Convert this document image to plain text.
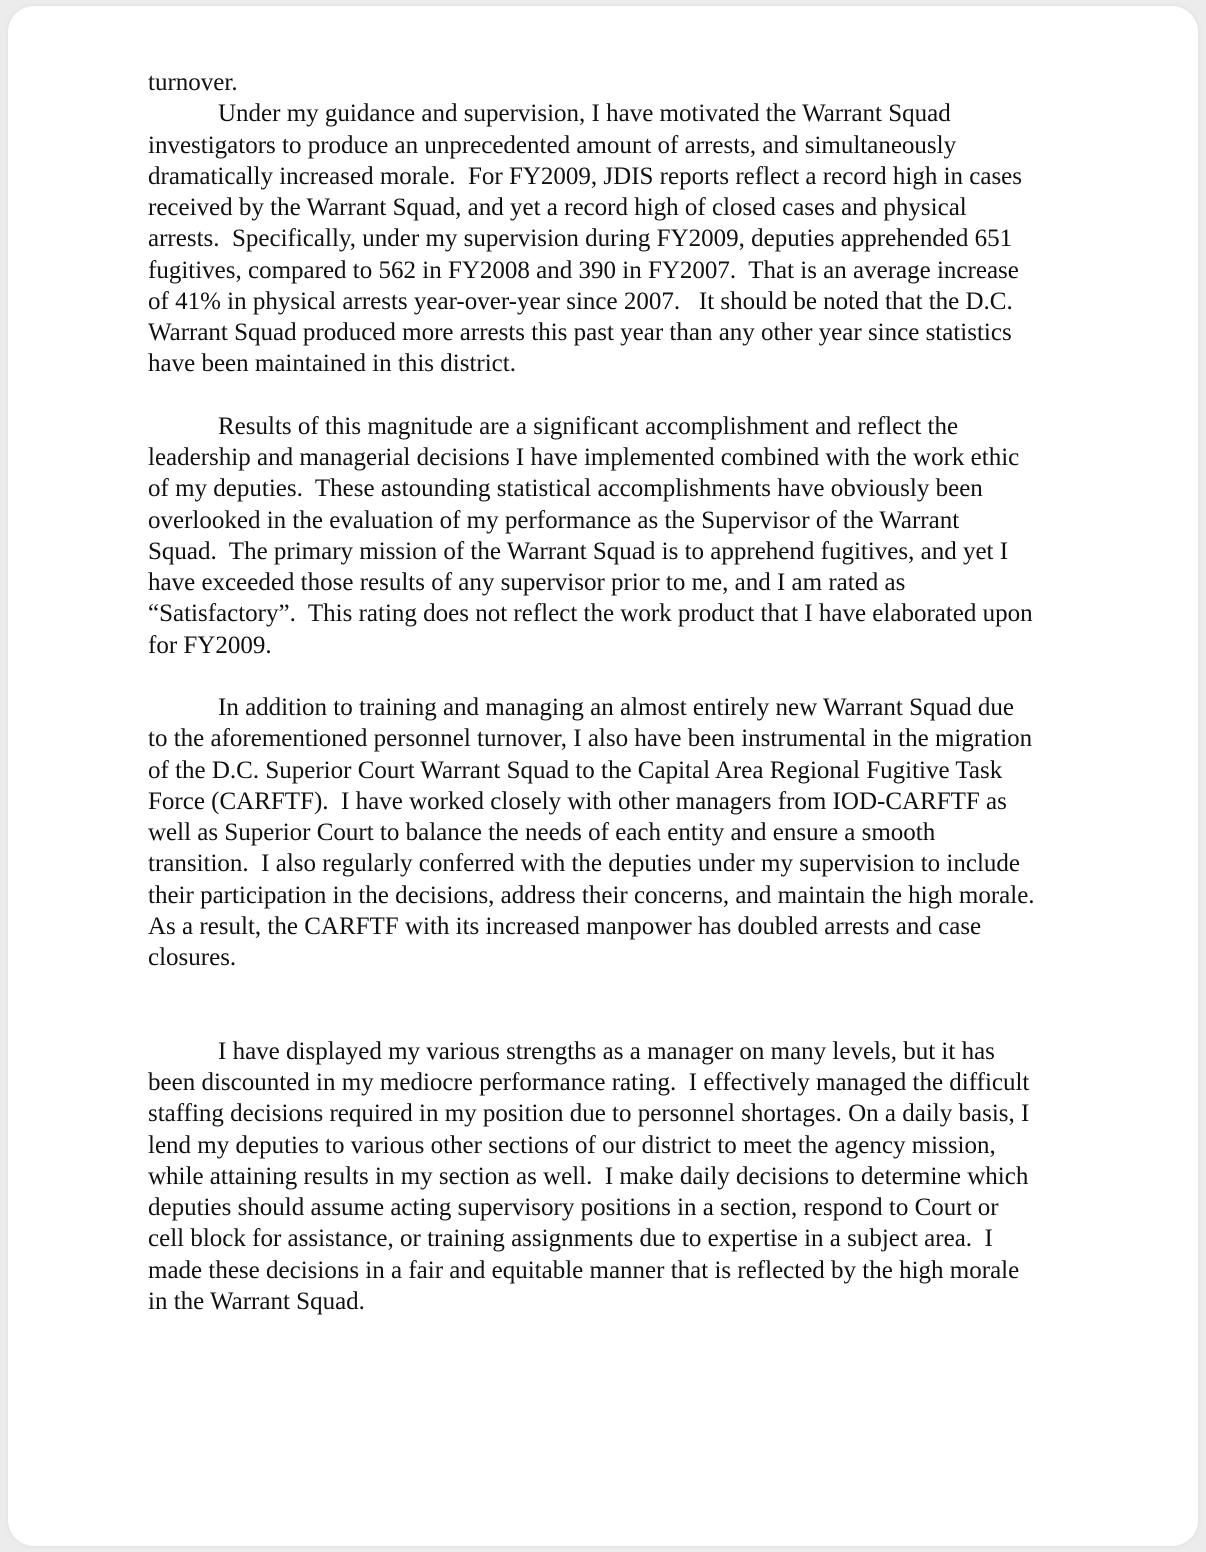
turnover.
Under my guidance and supervision, I have motivated the Warrant Squad
investigators to produce an unprecedented amount of arrests, and simultaneously
dramatically increased morale.  For FY2009, JDIS reports reflect a record high in cases
received by the Warrant Squad, and yet a record high of closed cases and physical
arrests.  Specifically, under my supervision during FY2009, deputies apprehended 651
fugitives, compared to 562 in FY2008 and 390 in FY2007.  That is an average increase
of 41% in physical arrests year-over-year since 2007.   It should be noted that the D.C.
Warrant Squad produced more arrests this past year than any other year since statistics
have been maintained in this district.
Results of this magnitude are a significant accomplishment and reflect the
leadership and managerial decisions I have implemented combined with the work ethic
of my deputies.  These astounding statistical accomplishments have obviously been
overlooked in the evaluation of my performance as the Supervisor of the Warrant
Squad.  The primary mission of the Warrant Squad is to apprehend fugitives, and yet I
have exceeded those results of any supervisor prior to me, and I am rated as
“Satisfactory”.  This rating does not reflect the work product that I have elaborated upon
for FY2009.
In addition to training and managing an almost entirely new Warrant Squad due
to the aforementioned personnel turnover, I also have been instrumental in the migration
of the D.C. Superior Court Warrant Squad to the Capital Area Regional Fugitive Task
Force (CARFTF).  I have worked closely with other managers from IOD-CARFTF as
well as Superior Court to balance the needs of each entity and ensure a smooth
transition.  I also regularly conferred with the deputies under my supervision to include
their participation in the decisions, address their concerns, and maintain the high morale.
As a result, the CARFTF with its increased manpower has doubled arrests and case
closures.
I have displayed my various strengths as a manager on many levels, but it has
been discounted in my mediocre performance rating.  I effectively managed the difficult
staffing decisions required in my position due to personnel shortages. On a daily basis, I
lend my deputies to various other sections of our district to meet the agency mission,
while attaining results in my section as well.  I make daily decisions to determine which
deputies should assume acting supervisory positions in a section, respond to Court or
cell block for assistance, or training assignments due to expertise in a subject area.  I
made these decisions in a fair and equitable manner that is reflected by the high morale
in the Warrant Squad.
